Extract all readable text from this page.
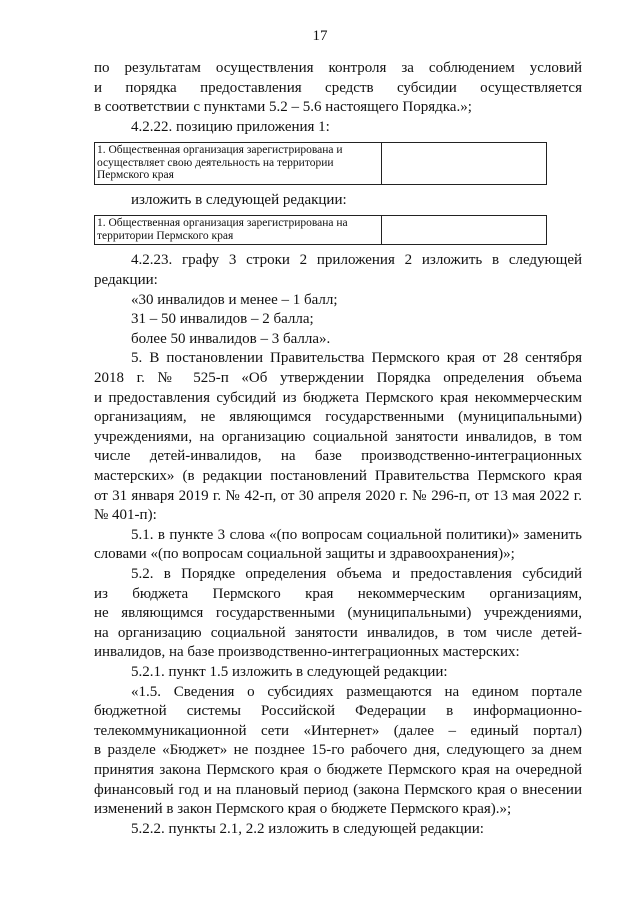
17
по результатам осуществления контроля за соблюдением условий
и порядка предоставления средств субсидии осуществляется
в соответствии с пунктами 5.2 – 5.6 настоящего Порядка.»;
4.2.22. позицию приложения 1:
1. Общественная организация зарегистрирована и осуществляет свою деятельность на территории Пермского края	
изложить в следующей редакции:
1. Общественная организация зарегистрирована на территории Пермского края	
4.2.23. графу 3 строки 2 приложения 2 изложить в следующей
редакции:
«30 инвалидов и менее – 1 балл;
31 – 50 инвалидов – 2 балла;
более 50 инвалидов – 3 балла».
5. В постановлении Правительства Пермского края от 28 сентября
2018 г. № 525-п «Об утверждении Порядка определения объема
и предоставления субсидий из бюджета Пермского края некоммерческим
организациям, не являющимся государственными (муниципальными)
учреждениями, на организацию социальной занятости инвалидов, в том
числе детей-инвалидов, на базе производственно-интеграционных
мастерских» (в редакции постановлений Правительства Пермского края
от 31 января 2019 г. № 42-п, от 30 апреля 2020 г. № 296-п, от 13 мая 2022 г.
№ 401-п):
5.1. в пункте 3 слова «(по вопросам социальной политики)» заменить
словами «(по вопросам социальной защиты и здравоохранения)»;
5.2. в Порядке определения объема и предоставления субсидий
из бюджета Пермского края некоммерческим организациям,
не являющимся государственными (муниципальными) учреждениями,
на организацию социальной занятости инвалидов, в том числе детей-
инвалидов, на базе производственно-интеграционных мастерских:
5.2.1. пункт 1.5 изложить в следующей редакции:
«1.5. Сведения о субсидиях размещаются на едином портале
бюджетной системы Российской Федерации в информационно-
телекоммуникационной сети «Интернет» (далее – единый портал)
в разделе «Бюджет» не позднее 15-го рабочего дня, следующего за днем
принятия закона Пермского края о бюджете Пермского края на очередной
финансовый год и на плановый период (закона Пермского края о внесении
изменений в закон Пермского края о бюджете Пермского края).»;
5.2.2. пункты 2.1, 2.2 изложить в следующей редакции:
